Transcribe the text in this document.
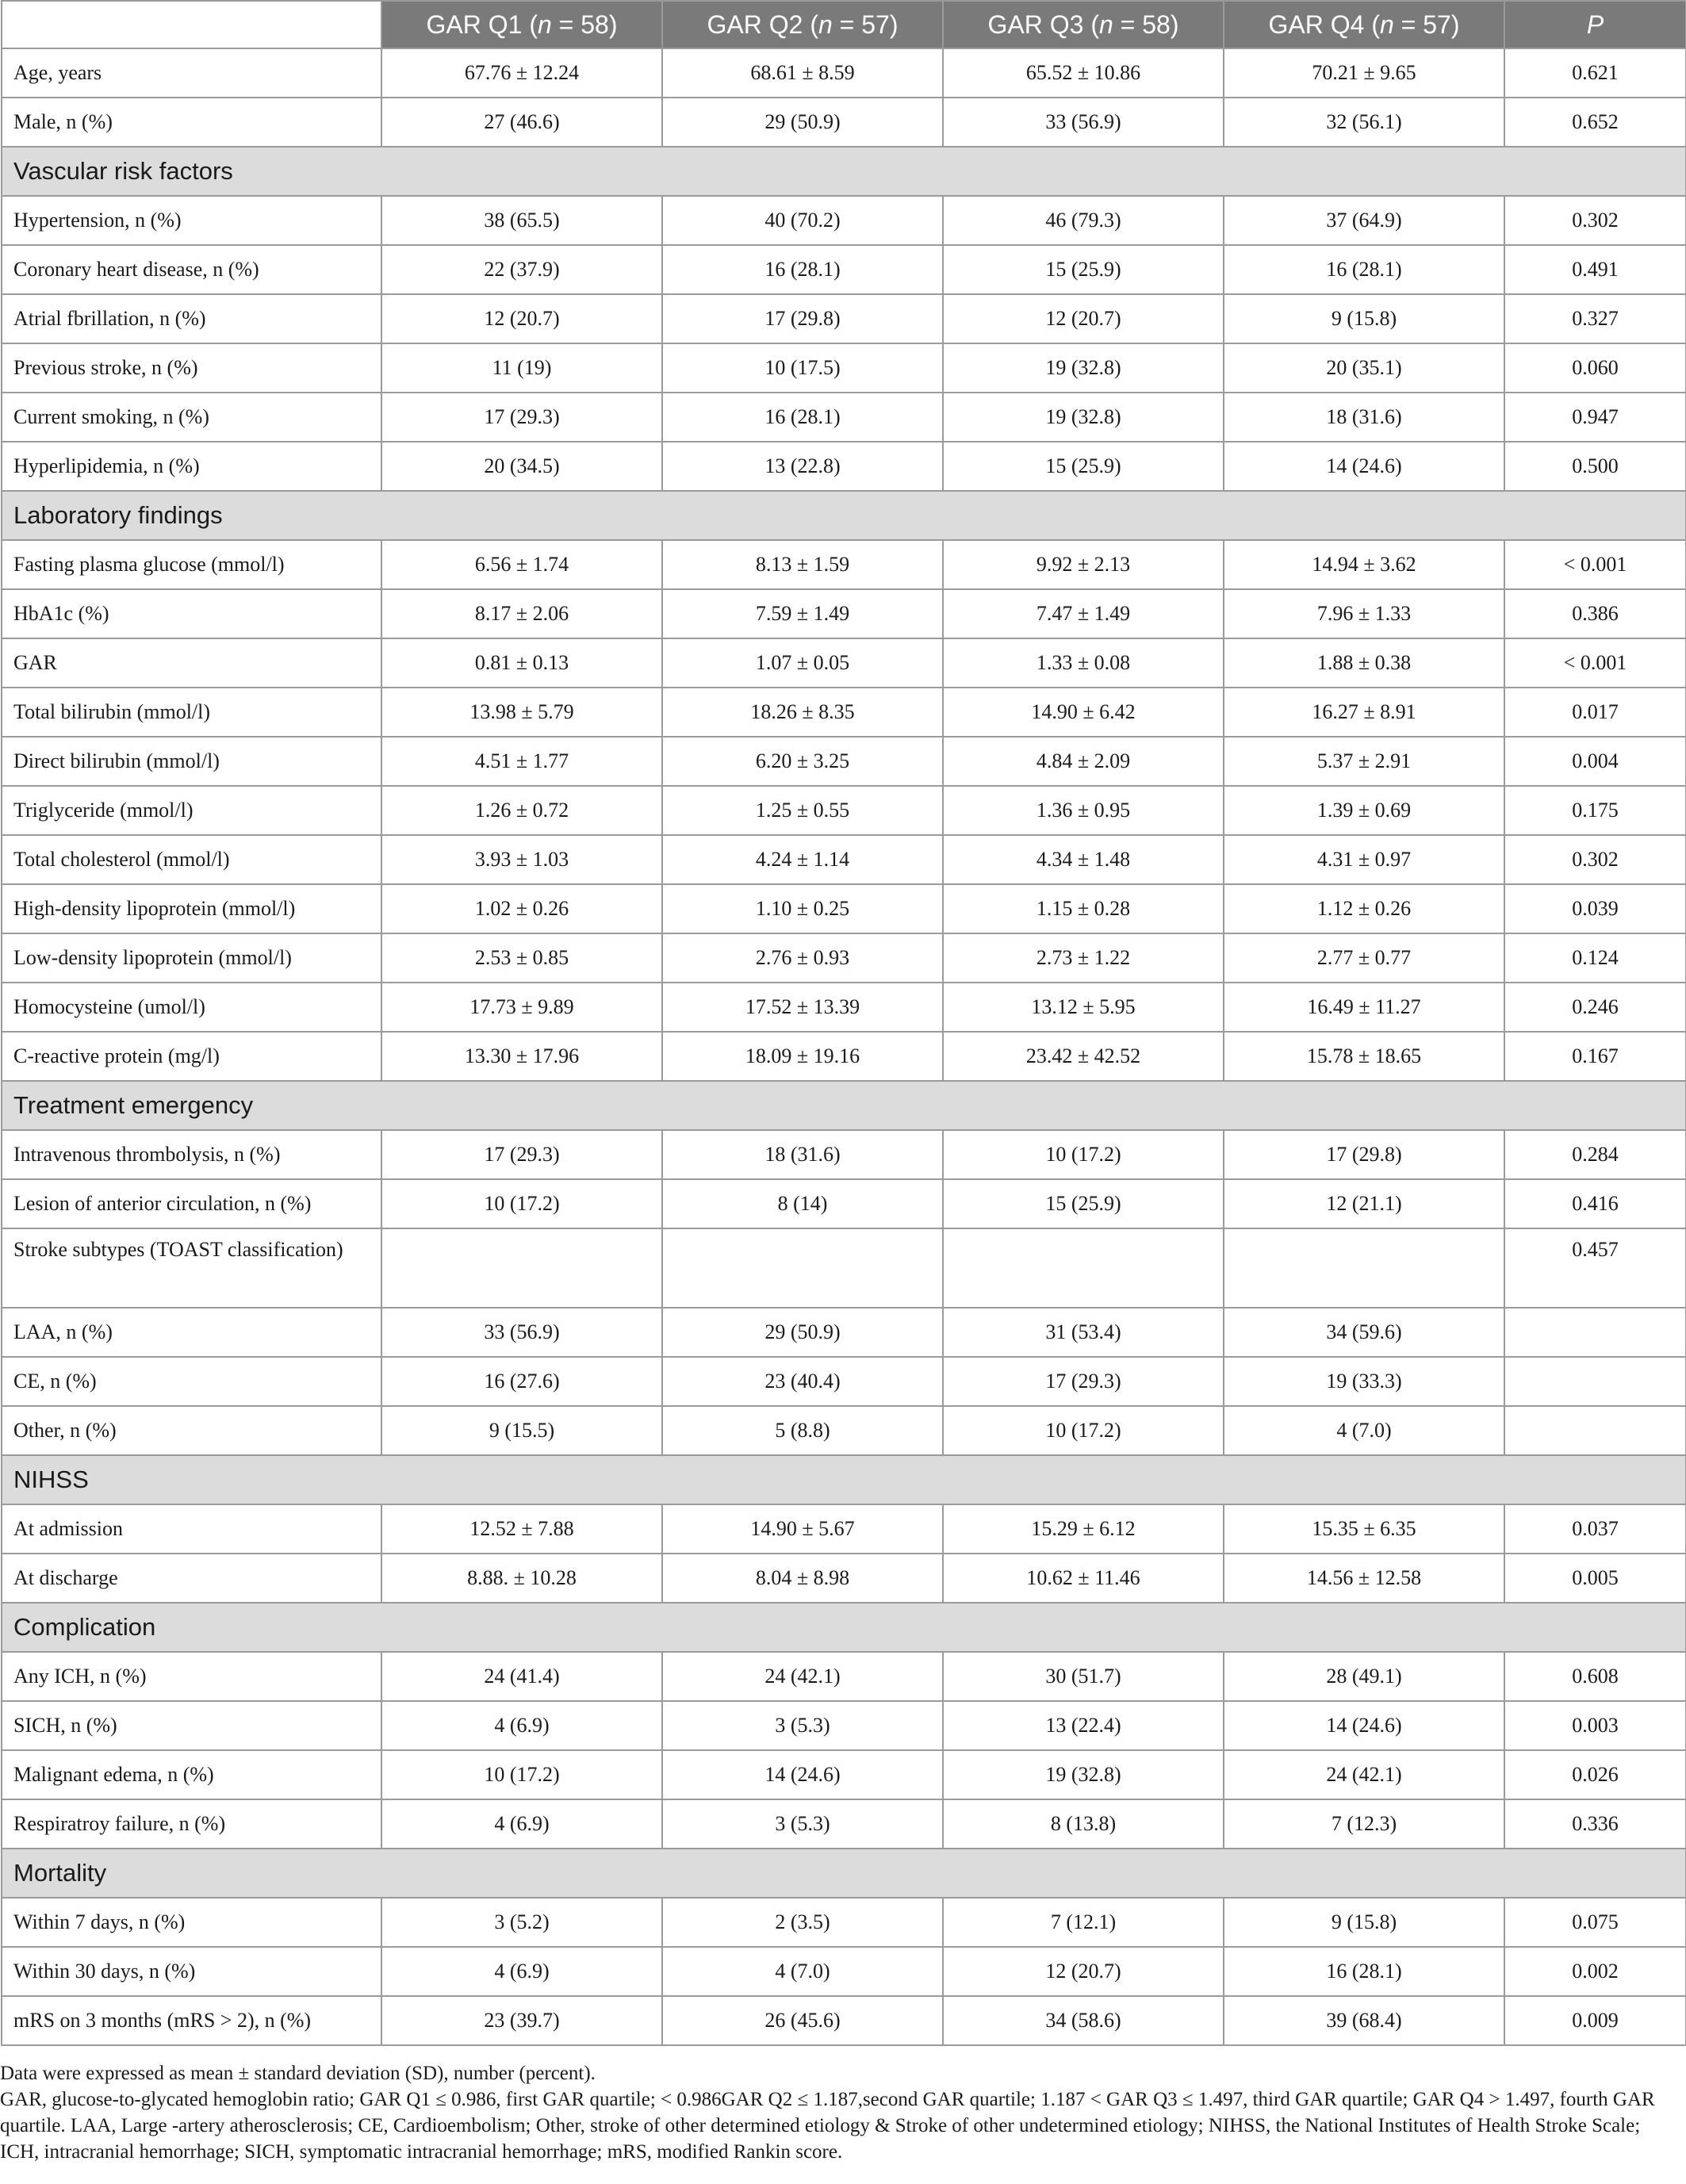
	GAR Q1 (n = 58)	GAR Q2 (n = 57)	GAR Q3 (n = 58)	GAR Q4 (n = 57)	P
Age, years	67.76 ± 12.24	68.61 ± 8.59	65.52 ± 10.86	70.21 ± 9.65	0.621
Male, n (%)	27 (46.6)	29 (50.9)	33 (56.9)	32 (56.1)	0.652
Vascular risk factors					
Hypertension, n (%)	38 (65.5)	40 (70.2)	46 (79.3)	37 (64.9)	0.302
Coronary heart disease, n (%)	22 (37.9)	16 (28.1)	15 (25.9)	16 (28.1)	0.491
Atrial fbrillation, n (%)	12 (20.7)	17 (29.8)	12 (20.7)	9 (15.8)	0.327
Previous stroke, n (%)	11 (19)	10 (17.5)	19 (32.8)	20 (35.1)	0.060
Current smoking, n (%)	17 (29.3)	16 (28.1)	19 (32.8)	18 (31.6)	0.947
Hyperlipidemia, n (%)	20 (34.5)	13 (22.8)	15 (25.9)	14 (24.6)	0.500
Laboratory findings					
Fasting plasma glucose (mmol/l)	6.56 ± 1.74	8.13 ± 1.59	9.92 ± 2.13	14.94 ± 3.62	< 0.001
HbA1c (%)	8.17 ± 2.06	7.59 ± 1.49	7.47 ± 1.49	7.96 ± 1.33	0.386
GAR	0.81 ± 0.13	1.07 ± 0.05	1.33 ± 0.08	1.88 ± 0.38	< 0.001
Total bilirubin (mmol/l)	13.98 ± 5.79	18.26 ± 8.35	14.90 ± 6.42	16.27 ± 8.91	0.017
Direct bilirubin (mmol/l)	4.51 ± 1.77	6.20 ± 3.25	4.84 ± 2.09	5.37 ± 2.91	0.004
Triglyceride (mmol/l)	1.26 ± 0.72	1.25 ± 0.55	1.36 ± 0.95	1.39 ± 0.69	0.175
Total cholesterol (mmol/l)	3.93 ± 1.03	4.24 ± 1.14	4.34 ± 1.48	4.31 ± 0.97	0.302
High-density lipoprotein (mmol/l)	1.02 ± 0.26	1.10 ± 0.25	1.15 ± 0.28	1.12 ± 0.26	0.039
Low-density lipoprotein (mmol/l)	2.53 ± 0.85	2.76 ± 0.93	2.73 ± 1.22	2.77 ± 0.77	0.124
Homocysteine (umol/l)	17.73 ± 9.89	17.52 ± 13.39	13.12 ± 5.95	16.49 ± 11.27	0.246
C-reactive protein (mg/l)	13.30 ± 17.96	18.09 ± 19.16	23.42 ± 42.52	15.78 ± 18.65	0.167
Treatment emergency					
Intravenous thrombolysis, n (%)	17 (29.3)	18 (31.6)	10 (17.2)	17 (29.8)	0.284
Lesion of anterior circulation, n (%)	10 (17.2)	8 (14)	15 (25.9)	12 (21.1)	0.416
Stroke subtypes (TOAST classification)					0.457
LAA, n (%)	33 (56.9)	29 (50.9)	31 (53.4)	34 (59.6)	
CE, n (%)	16 (27.6)	23 (40.4)	17 (29.3)	19 (33.3)	
Other, n (%)	9 (15.5)	5 (8.8)	10 (17.2)	4 (7.0)	
NIHSS					
At admission	12.52 ± 7.88	14.90 ± 5.67	15.29 ± 6.12	15.35 ± 6.35	0.037
At discharge	8.88. ± 10.28	8.04 ± 8.98	10.62 ± 11.46	14.56 ± 12.58	0.005
Complication					
Any ICH, n (%)	24 (41.4)	24 (42.1)	30 (51.7)	28 (49.1)	0.608
SICH, n (%)	4 (6.9)	3 (5.3)	13 (22.4)	14 (24.6)	0.003
Malignant edema, n (%)	10 (17.2)	14 (24.6)	19 (32.8)	24 (42.1)	0.026
Respiratroy failure, n (%)	4 (6.9)	3 (5.3)	8 (13.8)	7 (12.3)	0.336
Mortality					
Within 7 days, n (%)	3 (5.2)	2 (3.5)	7 (12.1)	9 (15.8)	0.075
Within 30 days, n (%)	4 (6.9)	4 (7.0)	12 (20.7)	16 (28.1)	0.002
mRS on 3 months (mRS > 2), n (%)	23 (39.7)	26 (45.6)	34 (58.6)	39 (68.4)	0.009

Data were expressed as mean ± standard deviation (SD), number (percent).

GAR, glucose-to-glycated hemoglobin ratio; GAR Q1 ≤ 0.986, first GAR quartile; < 0.986GAR Q2 ≤ 1.187,second GAR quartile; 1.187 < GAR Q3 ≤ 1.497, third GAR quartile; GAR Q4 > 1.497, fourth GAR quartile. LAA, Large -artery atherosclerosis; CE, Cardioembolism; Other, stroke of other determined etiology & Stroke of other undetermined etiology; NIHSS, the National Institutes of Health Stroke Scale; ICH, intracranial hemorrhage; SICH, symptomatic intracranial hemorrhage; mRS, modified Rankin score.
